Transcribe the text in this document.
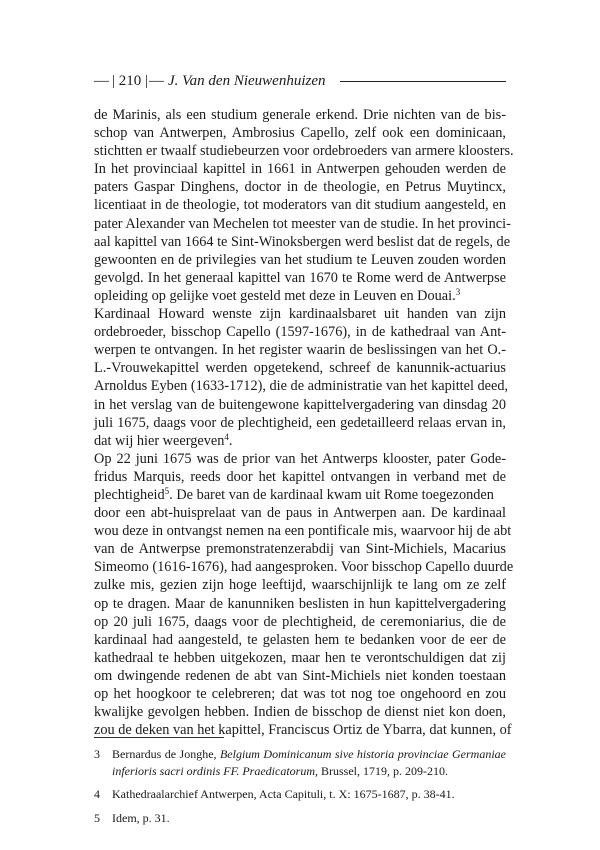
— | 210 | — J. Van den Nieuwenhuizen
de Marinis, als een studium generale erkend. Drie nichten van de bis-
schop van Antwerpen, Ambrosius Capello, zelf ook een dominicaan,
stichtten er twaalf studiebeurzen voor ordebroeders van armere kloosters.
In het provinciaal kapittel in 1661 in Antwerpen gehouden werden de
paters Gaspar Dinghens, doctor in de theologie, en Petrus Muytincx,
licentiaat in de theologie, tot moderators van dit studium aangesteld, en
pater Alexander van Mechelen tot meester van de studie. In het provinci-
aal kapittel van 1664 te Sint-Winoksbergen werd beslist dat de regels, de
gewoonten en de privilegies van het studium te Leuven zouden worden
gevolgd. In het generaal kapittel van 1670 te Rome werd de Antwerpse
opleiding op gelijke voet gesteld met deze in Leuven en Douai.$^3$
Kardinaal Howard wenste zijn kardinaalsbaret uit handen van zijn
ordebroeder, bisschop Capello (1597-1676), in de kathedraal van Ant-
werpen te ontvangen. In het register waarin de beslissingen van het O.-
L.-Vrouwekapittel werden opgetekend, schreef de kanunnik-actuarius
Arnoldus Eyben (1633-1712), die de administratie van het kapittel deed,
in het verslag van de buitengewone kapittelvergadering van dinsdag 20
juli 1675, daags voor de plechtigheid, een gedetailleerd relaas ervan in,
dat wij hier weergeven$^4$.
Op 22 juni 1675 was de prior van het Antwerps klooster, pater Gode-
fridus Marquis, reeds door het kapittel ontvangen in verband met de
plechtigheid$^5$. De baret van de kardinaal kwam uit Rome toegezonden
door een abt-huisprelaat van de paus in Antwerpen aan. De kardinaal
wou deze in ontvangst nemen na een pontificale mis, waarvoor hij de abt
van de Antwerpse premonstratenzerabdij van Sint-Michiels, Macarius
Simeomo (1616-1676), had aangesproken. Voor bisschop Capello duurde
zulke mis, gezien zijn hoge leeftijd, waarschijnlijk te lang om ze zelf
op te dragen. Maar de kanunniken beslisten in hun kapittelvergadering
op 20 juli 1675, daags voor de plechtigheid, de ceremoniarius, die de
kardinaal had aangesteld, te gelasten hem te bedanken voor de eer de
kathedraal te hebben uitgekozen, maar hen te verontschuldigen dat zij
om dwingende redenen de abt van Sint-Michiels niet konden toestaan
op het hoogkoor te celebreren; dat was tot nog toe ongehoord en zou
kwalijke gevolgen hebben. Indien de bisschop de dienst niet kon doen,
zou de deken van het kapittel, Franciscus Ortiz de Ybarra, dat kunnen, of
3	Bernardus de Jonghe, Belgium Dominicanum sive historia provinciae Germaniae
inferioris sacri ordinis FF. Praedicatorum, Brussel, 1719, p. 209-210.
4	Kathedraalarchief Antwerpen, Acta Capituli, t. X: 1675-1687, p. 38-41.
5	Idem, p. 31.
